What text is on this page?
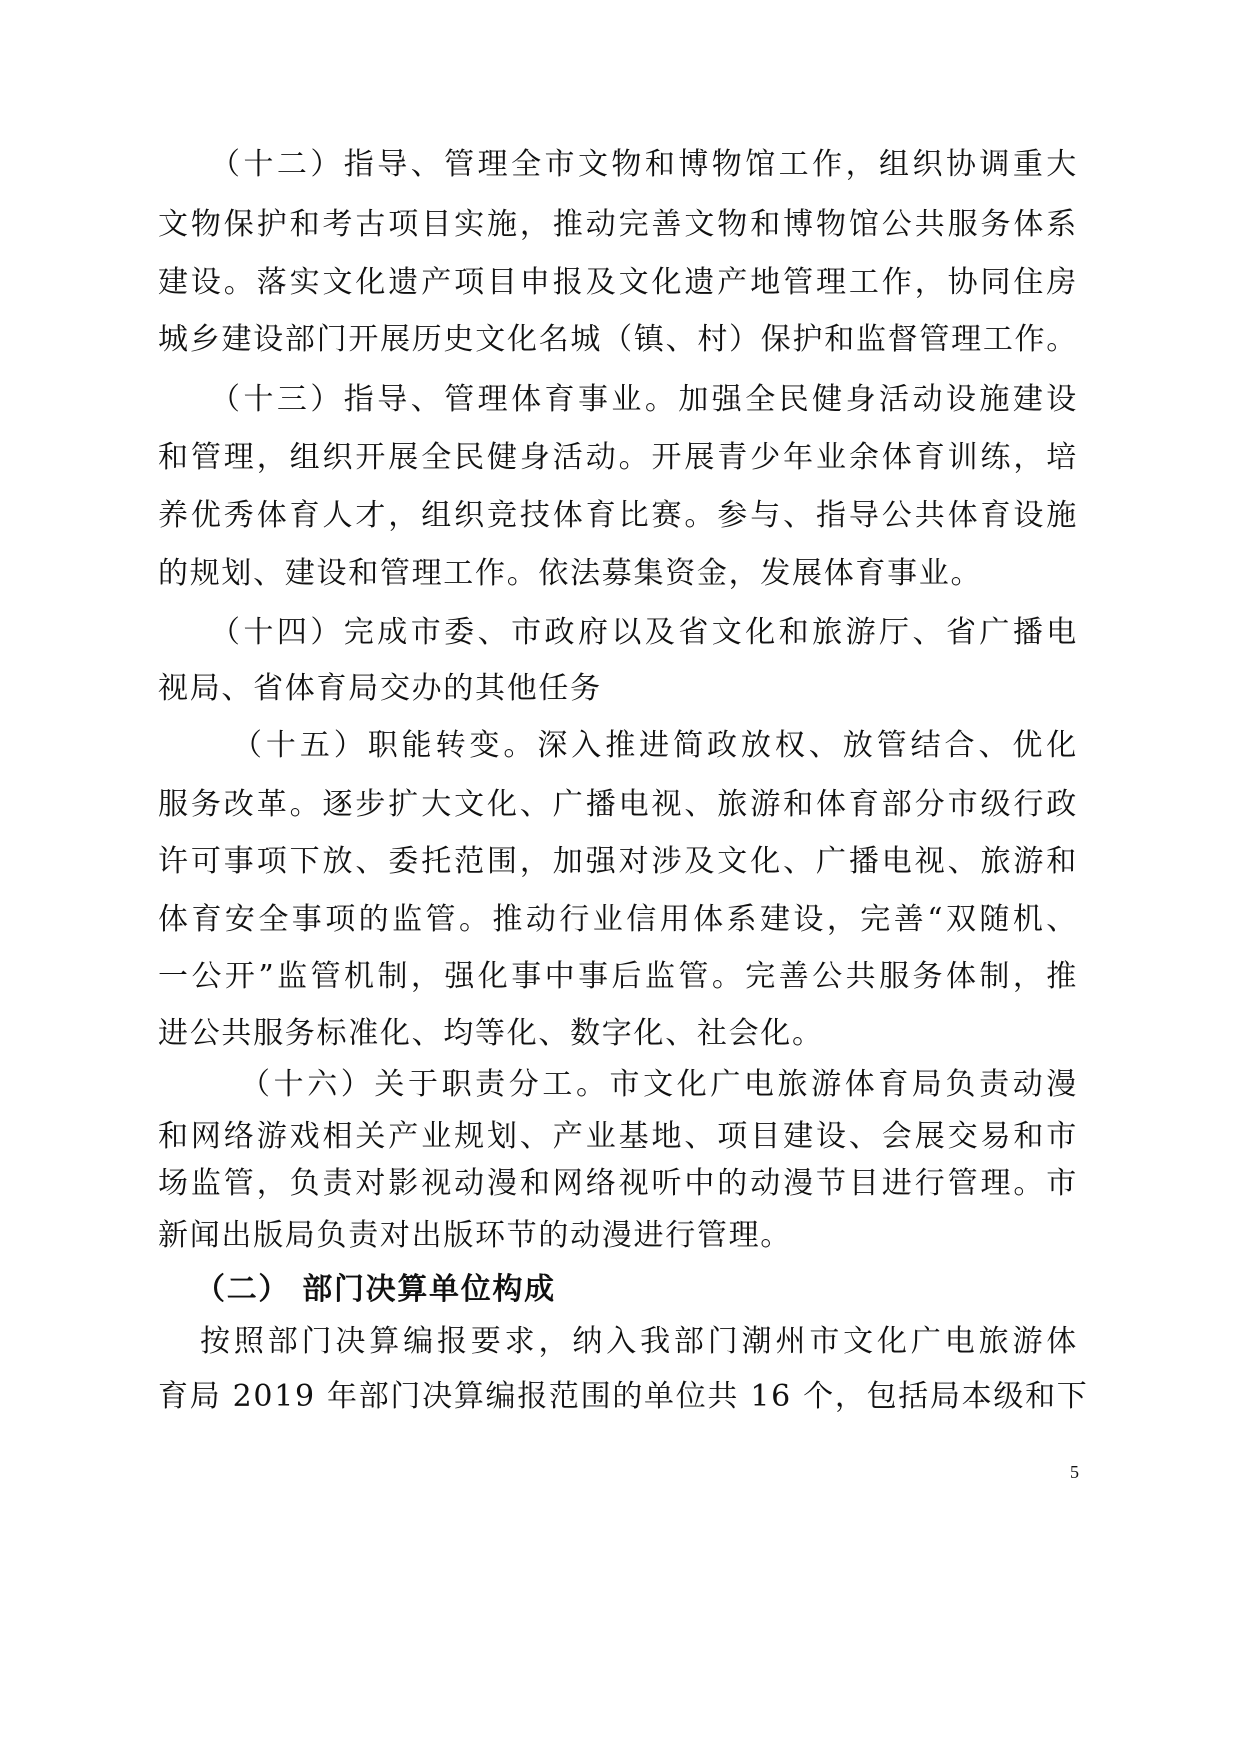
（十二）指导、管理全市文物和博物馆工作，组织协调重大
文物保护和考古项目实施，推动完善文物和博物馆公共服务体系
建设。落实文化遗产项目申报及文化遗产地管理工作，协同住房
城乡建设部门开展历史文化名城（镇、村）保护和监督管理工作。
（十三）指导、管理体育事业。加强全民健身活动设施建设
和管理，组织开展全民健身活动。开展青少年业余体育训练，培
养优秀体育人才，组织竞技体育比赛。参与、指导公共体育设施
的规划、建设和管理工作。依法募集资金，发展体育事业。
（十四）完成市委、市政府以及省文化和旅游厅、省广播电
视局、省体育局交办的其他任务
（十五）职能转变。深入推进简政放权、放管结合、优化
服务改革。逐步扩大文化、广播电视、旅游和体育部分市级行政
许可事项下放、委托范围，加强对涉及文化、广播电视、旅游和
体育安全事项的监管。推动行业信用体系建设，完善“双随机、
一公开”监管机制，强化事中事后监管。完善公共服务体制，推
进公共服务标准化、均等化、数字化、社会化。
（十六）关于职责分工。市文化广电旅游体育局负责动漫
和网络游戏相关产业规划、产业基地、项目建设、会展交易和市
场监管，负责对影视动漫和网络视听中的动漫节目进行管理。市
新闻出版局负责对出版环节的动漫进行管理。
（二） 部门决算单位构成
按照部门决算编报要求，纳入我部门潮州市文化广电旅游体
育局 2019 年部门决算编报范围的单位共 16 个，包括局本级和下
5
